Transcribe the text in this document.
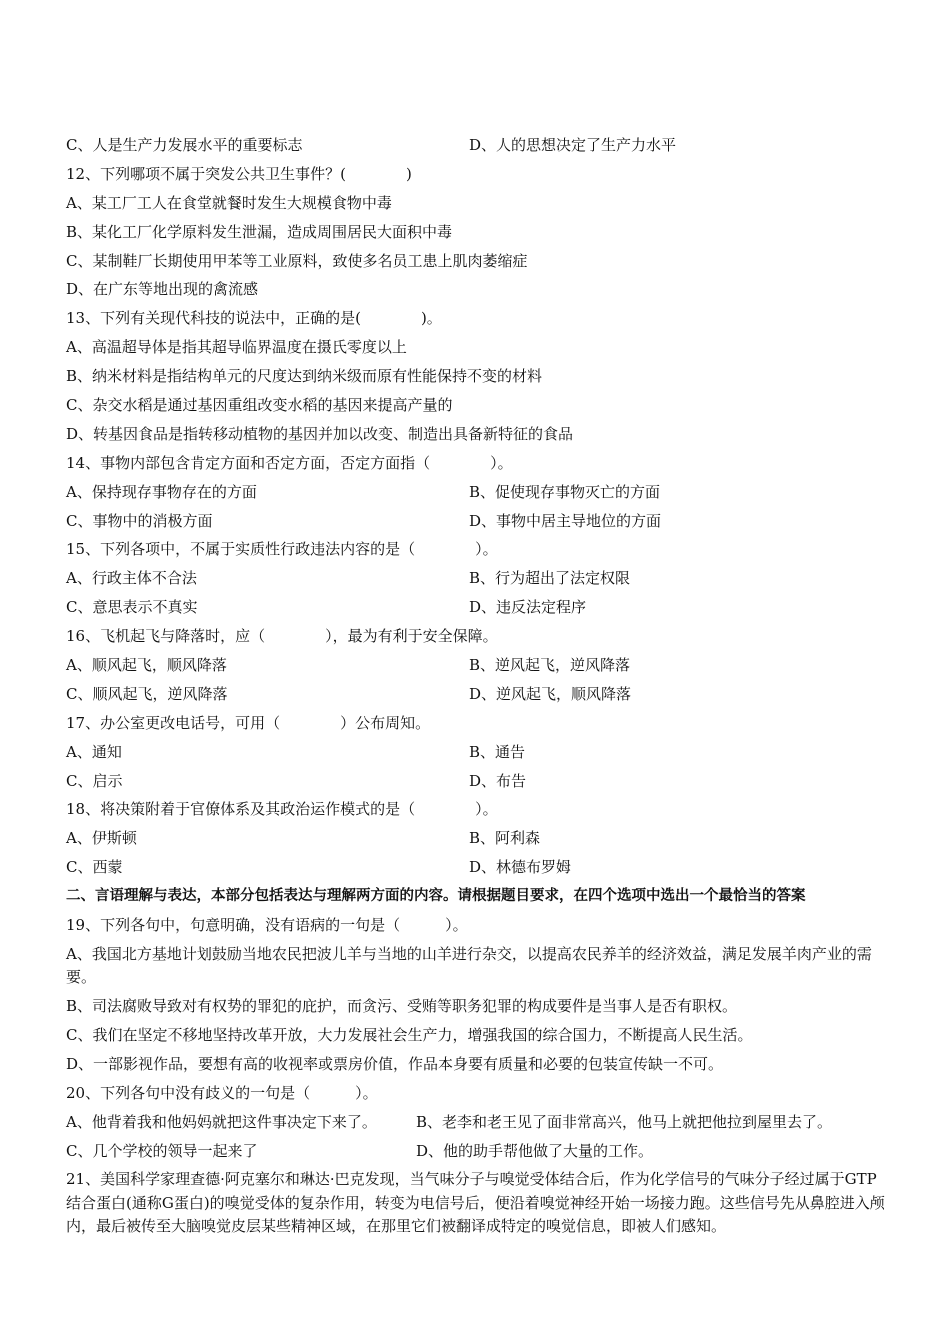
C、人是生产力发展水平的重要标志	D、人的思想决定了生产力水平
12、下列哪项不属于突发公共卫生事件？(　　　　)
A、某工厂工人在食堂就餐时发生大规模食物中毒
B、某化工厂化学原料发生泄漏，造成周围居民大面积中毒
C、某制鞋厂长期使用甲苯等工业原料，致使多名员工患上肌肉萎缩症
D、在广东等地出现的禽流感
13、下列有关现代科技的说法中，正确的是(　　　　)。
A、高温超导体是指其超导临界温度在摄氏零度以上
B、纳米材料是指结构单元的尺度达到纳米级而原有性能保持不变的材料
C、杂交水稻是通过基因重组改变水稻的基因来提高产量的
D、转基因食品是指转移动植物的基因并加以改变、制造出具备新特征的食品
14、事物内部包含肯定方面和否定方面，否定方面指（　　　　）。
A、保持现存事物存在的方面	B、促使现存事物灭亡的方面
C、事物中的消极方面	D、事物中居主导地位的方面
15、下列各项中，不属于实质性行政违法内容的是（　　　　）。
A、行政主体不合法	B、行为超出了法定权限
C、意思表示不真实	D、违反法定程序
16、飞机起飞与降落时，应（　　　　），最为有利于安全保障。
A、顺风起飞，顺风降落	B、逆风起飞，逆风降落
C、顺风起飞，逆风降落	D、逆风起飞，顺风降落
17、办公室更改电话号，可用（　　　　）公布周知。
A、通知	B、通告
C、启示	D、布告
18、将决策附着于官僚体系及其政治运作模式的是（　　　　）。
A、伊斯顿	B、阿利森
C、西蒙	D、林德布罗姆
二、言语理解与表达，本部分包括表达与理解两方面的内容。请根据题目要求，在四个选项中选出一个最恰当的答案
19、下列各句中，句意明确，没有语病的一句是（　　　）。
A、我国北方基地计划鼓励当地农民把波儿羊与当地的山羊进行杂交，以提高农民养羊的经济效益，满足发展羊肉产业的需要。
B、司法腐败导致对有权势的罪犯的庇护，而贪污、受贿等职务犯罪的构成要件是当事人是否有职权。
C、我们在坚定不移地坚持改革开放，大力发展社会生产力，增强我国的综合国力，不断提高人民生活。
D、一部影视作品，要想有高的收视率或票房价值，作品本身要有质量和必要的包装宣传缺一不可。
20、下列各句中没有歧义的一句是（　　　）。
A、他背着我和他妈妈就把这件事决定下来了。	B、老李和老王见了面非常高兴，他马上就把他拉到屋里去了。
C、几个学校的领导一起来了	D、他的助手帮他做了大量的工作。
21、美国科学家理查德·阿克塞尔和琳达·巴克发现，当气味分子与嗅觉受体结合后，作为化学信号的气味分子经过属于GTP结合蛋白(通称G蛋白)的嗅觉受体的复杂作用，转变为电信号后，便沿着嗅觉神经开始一场接力跑。这些信号先从鼻腔进入颅内，最后被传至大脑嗅觉皮层某些精神区域，在那里它们被翻译成特定的嗅觉信息，即被人们感知。
